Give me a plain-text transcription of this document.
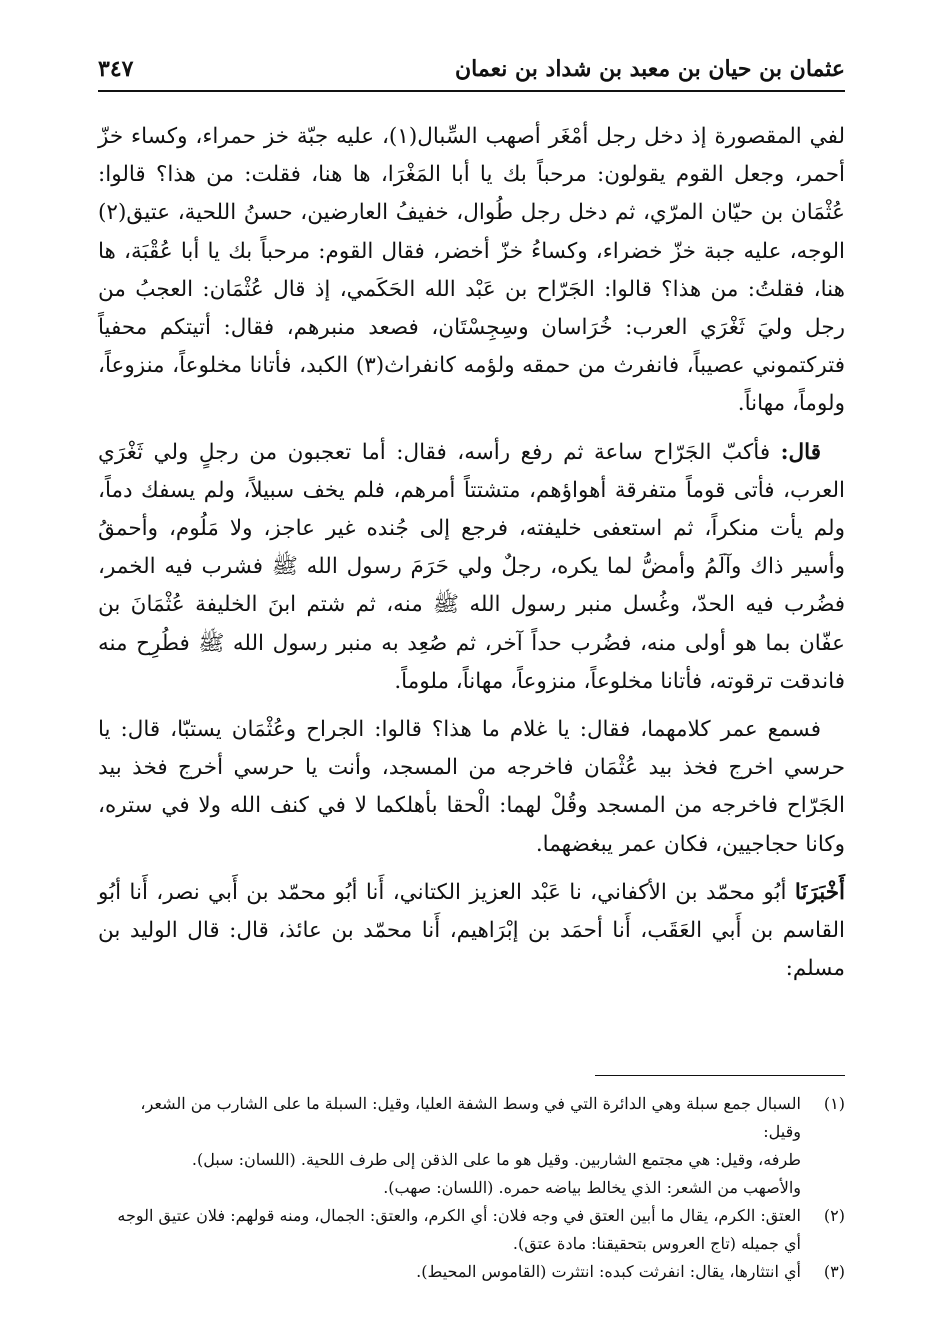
عثمان بن حيان بن معبد بن شداد بن نعمان
٣٤٧

لفي المقصورة إذ دخل رجل أمْغَر أصهب السِّبال(١)، عليه جبّة خز حمراء، وكساء خزّ أحمر، وجعل القوم يقولون: مرحباً بك يا أبا المَغْرَا، ها هنا، فقلت: من هذا؟ قالوا: عُثْمَان بن حيّان المرّي، ثم دخل رجل طُوال، خفيفُ العارضين، حسنُ اللحية، عتيق(٢) الوجه، عليه جبة خزّ خضراء، وكساءُ خزّ أخضر، فقال القوم: مرحباً بك يا أبا عُقْبَة، ها هنا، فقلتُ: من هذا؟ قالوا: الجَرّاح بن عَبْد الله الحَكَمي، إذ قال عُثْمَان: العجبُ من رجل وليَ ثَغْرَي العرب: خُرَاسان وسِجِسْتَان، فصعد منبرهم، فقال: أتيتكم محفياً فتركتموني عصيباً، فانفرث من حمقه ولؤمه كانفراث(٣) الكبد، فأتانا مخلوعاً، منزوعاً، ولوماً، مهاناً.

قال: فأكبّ الجَرّاح ساعة ثم رفع رأسه، فقال: أما تعجبون من رجلٍ ولي ثَغْرَي العرب، فأتى قوماً متفرقة أهواؤهم، متشتتاً أمرهم، فلم يخف سبيلاً، ولم يسفك دماً، ولم يأت منكراً، ثم استعفى خليفته، فرجع إلى جُنده غير عاجز، ولا مَلُوم، وأحمقُ وأسير ذاك وآلَمُ وأمضُّ لما يكره، رجلٌ ولي حَرَمَ رسول الله ﷺ فشرب فيه الخمر، فضُرب فيه الحدّ، وغُسل منبر رسول الله ﷺ منه، ثم شتم ابنَ الخليفة عُثْمَانَ بن عفّان بما هو أولى منه، فضُرب حداً آخر، ثم صُعِد به منبر رسول الله ﷺ فطُرِح منه فاندقت ترقوته، فأتانا مخلوعاً، منزوعاً، مهاناً، ملوماً.

فسمع عمر كلامهما، فقال: يا غلام ما هذا؟ قالوا: الجراح وعُثْمَان يستبّا، قال: يا حرسي اخرج فخذ بيد عُثْمَان فاخرجه من المسجد، وأنت يا حرسي أخرج فخذ بيد الجَرّاح فاخرجه من المسجد وقُلْ لهما: الْحقا بأهلكما لا في كنف الله ولا في ستره، وكانا حجاجيين، فكان عمر يبغضهما.

أَخْبَرَنَا أبُو محمّد بن الأكفاني، نا عَبْد العزيز الكتاني، أَنا أبُو محمّد بن أَبي نصر، أَنا أبُو القاسم بن أَبي العَقَب، أَنا أحمَد بن إبْرَاهيم، أَنا محمّد بن عائذ، قال: قال الوليد بن مسلم:

(١)
السبال جمع سبلة وهي الدائرة التي في وسط الشفة العليا، وقيل: السبلة ما على الشارب من الشعر، وقيل:
طرفه، وقيل: هي مجتمع الشاربين. وقيل هو ما على الذقن إلى طرف اللحية. (اللسان: سبل).
والأصهب من الشعر: الذي يخالط بياضه حمره. (اللسان: صهب).
(٢)
العتق: الكرم، يقال ما أبين العتق في وجه فلان: أي الكرم، والعتق: الجمال، ومنه قولهم: فلان عتيق الوجه
أي جميله (تاج العروس بتحقيقنا: مادة عتق).
(٣)
أي انتثارها، يقال: انفرثت كبده: انتثرت (القاموس المحيط).
